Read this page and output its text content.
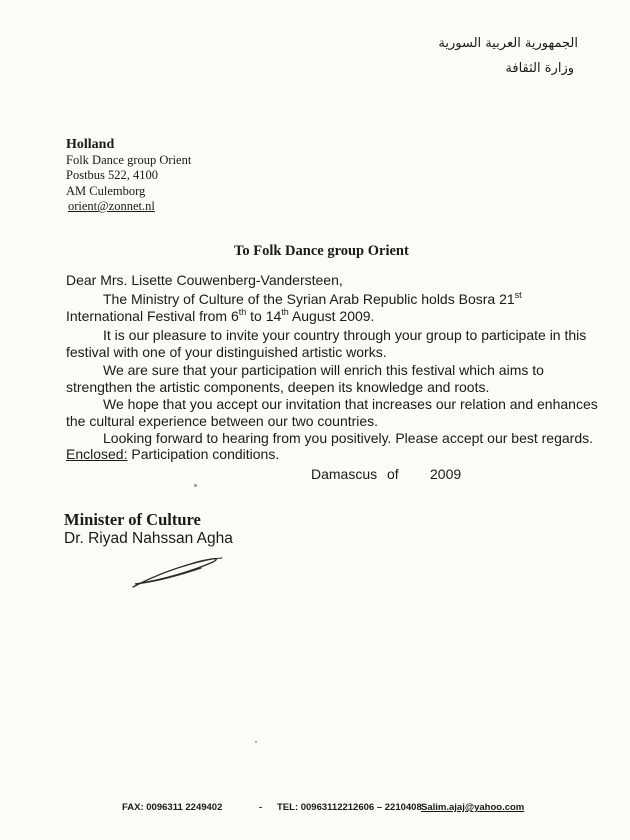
الجمهورية العربية السورية
وزارة الثقافة
Holland
Folk Dance group Orient
Postbus 522, 4100
AM Culemborg
orient@zonnet.nl
To Folk Dance group Orient
Dear Mrs. Lisette Couwenberg-Vandersteen,
The Ministry of Culture of the Syrian Arab Republic holds Bosra 21st
International Festival from 6th to 14th August 2009.
It is our pleasure to invite your country through your group to participate in this
festival with one of your distinguished artistic works.
We are sure that your participation will enrich this festival which aims to
strengthen the artistic components, deepen its knowledge and roots.
We hope that you accept our invitation that increases our relation and enhances
the cultural experience between our two countries.
Looking forward to hearing from you positively. Please accept our best regards.
Enclosed: Participation conditions.
Damascus of 2009
Minister of Culture
Dr. Riyad Nahssan Agha
FAX: 0096311 2249402	- TEL: 00963112212606 – 2210408 Salim.ajaj@yahoo.com
